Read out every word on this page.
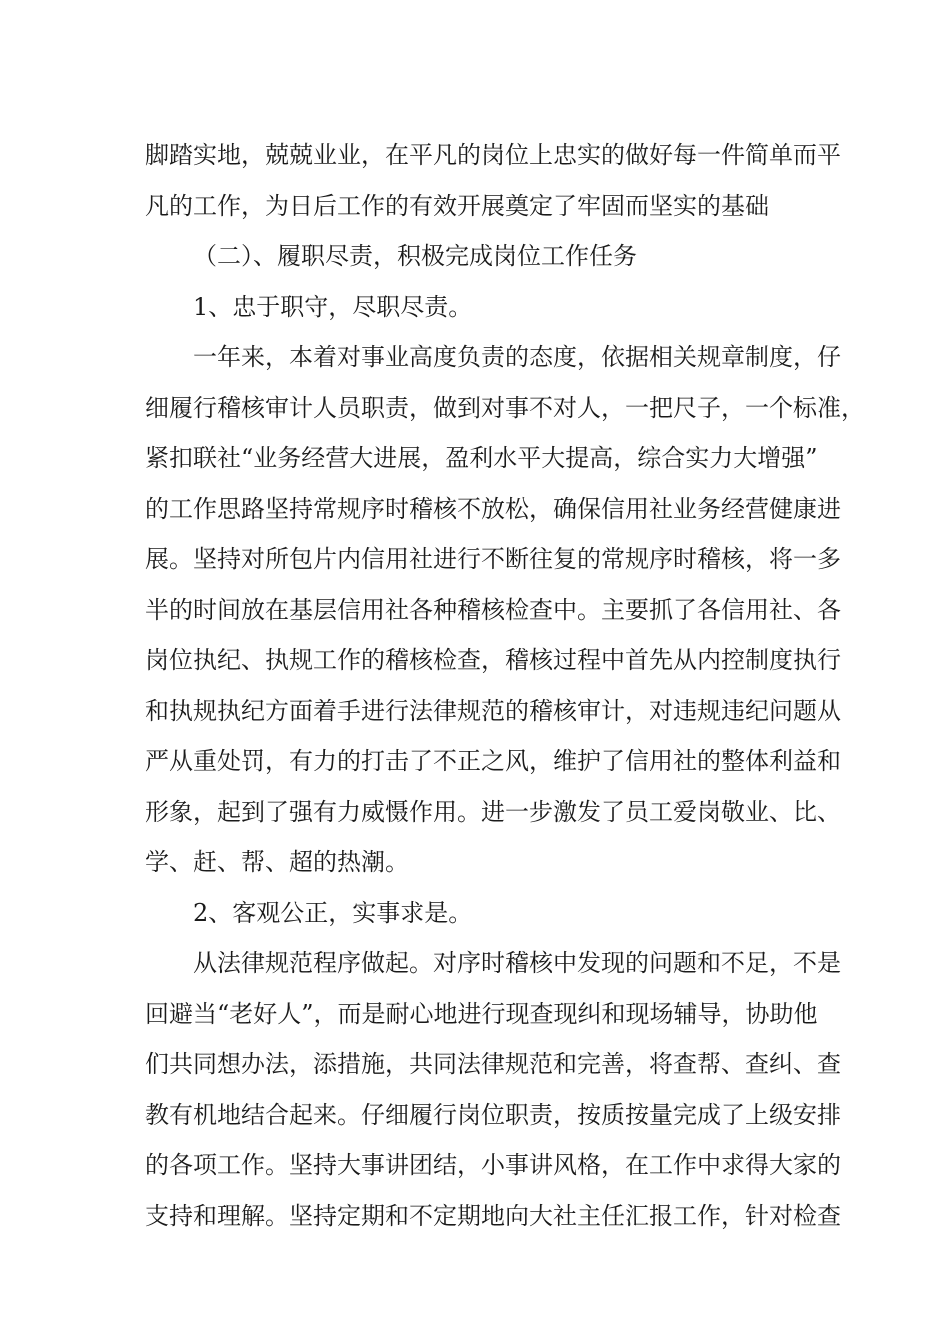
脚踏实地，兢兢业业，在平凡的岗位上忠实的做好每一件简单而平

凡的工作，为日后工作的有效开展奠定了牢固而坚实的基础

（二）、履职尽责，积极完成岗位工作任务

1、忠于职守，尽职尽责。

一年来，本着对事业高度负责的态度，依据相关规章制度，仔

细履行稽核审计人员职责，做到对事不对人，一把尺子，一个标准，

紧扣联社“业务经营大进展，盈利水平大提高，综合实力大增强”

的工作思路坚持常规序时稽核不放松，确保信用社业务经营健康进

展。坚持对所包片内信用社进行不断往复的常规序时稽核，将一多

半的时间放在基层信用社各种稽核检查中。主要抓了各信用社、各

岗位执纪、执规工作的稽核检查，稽核过程中首先从内控制度执行

和执规执纪方面着手进行法律规范的稽核审计，对违规违纪问题从

严从重处罚，有力的打击了不正之风，维护了信用社的整体利益和

形象，起到了强有力威慑作用。进一步激发了员工爱岗敬业、比、

学、赶、帮、超的热潮。

2、客观公正，实事求是。

从法律规范程序做起。对序时稽核中发现的问题和不足，不是

回避当“老好人”，而是耐心地进行现查现纠和现场辅导，协助他

们共同想办法，添措施，共同法律规范和完善，将查帮、查纠、查

教有机地结合起来。仔细履行岗位职责，按质按量完成了上级安排

的各项工作。坚持大事讲团结，小事讲风格，在工作中求得大家的

支持和理解。坚持定期和不定期地向大社主任汇报工作，针对检查
